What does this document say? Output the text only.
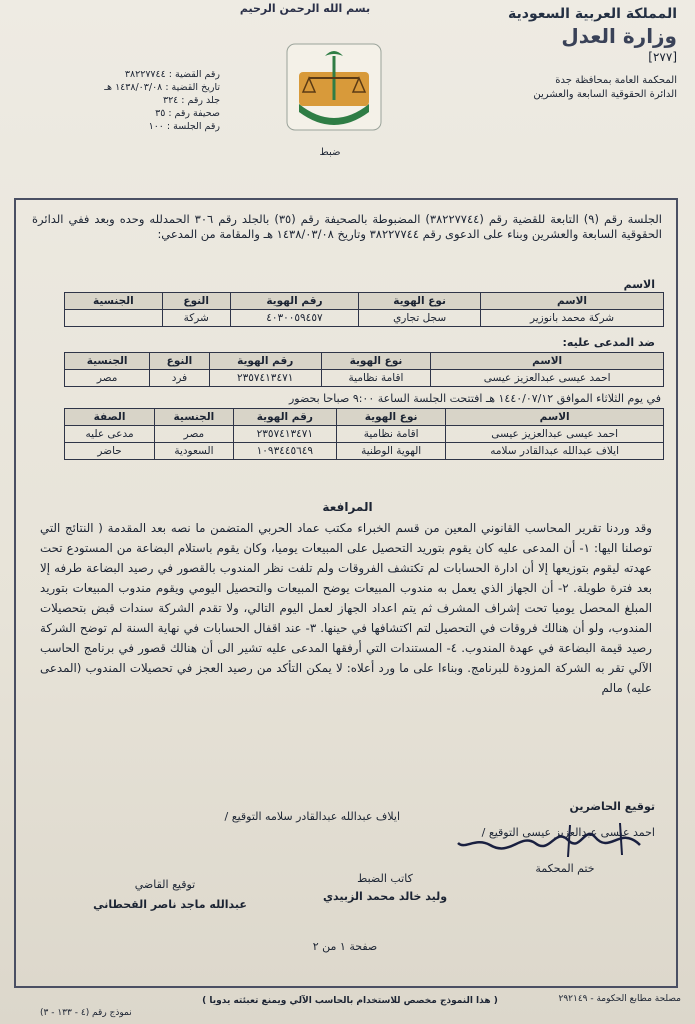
بسم الله الرحمن الرحيم	المملكة العربية السعودية
وزارة العدل
[٢٧٧]
المحكمة العامة بمحافظة جدة
الدائرة الحقوقية السابعة والعشرين
ضبط
رقم القضية : ٣٨٢٢٧٧٤٤
تاريخ القضية : ١٤٣٨/٠٣/٠٨ هـ
جلد رقم : ٣٢٤
صحيفة رقم : ٣٥
رقم الجلسة : ١٠٠
الجلسة رقم (٩) التابعة للقضية رقم (٣٨٢٢٧٧٤٤) المضبوطة بالصحيفة رقم (٣٥) بالجلد رقم ٣٠٦ الحمدلله وحده وبعد ففي الدائرة الحقوقية السابعة والعشرين وبناء على الدعوى رقم ٣٨٢٢٧٧٤٤ وتاريخ ١٤٣٨/٠٣/٠٨ هـ والمقامة من المدعي:
الاسم
الاسم	نوع الهوية	رقم الهوية	النوع	الجنسية
شركة محمد بانوزير	سجل تجاري	٤٠٣٠٠٥٩٤٥٧	شركة	
ضد المدعى عليه:
الاسم	نوع الهوية	رقم الهوية	النوع	الجنسية
احمد عيسى عبدالعزيز عيسى	اقامة نظامية	٢٣٥٧٤١٣٤٧١	فرد	مصر
في يوم الثلاثاء الموافق ١٤٤٠/٠٧/١٢ هـ افتتحت الجلسة الساعة ٩:٠٠ صباحا بحضور
الاسم	نوع الهوية	رقم الهوية	الجنسية	الصفة
احمد عيسى عبدالعزيز عيسى	اقامة نظامية	٢٣٥٧٤١٣٤٧١	مصر	مدعى عليه
ايلاف عبدالله عبدالقادر سلامه	الهوية الوطنية	١٠٩٣٤٤٥٦٤٩	السعودية	حاضر
المرافعة
وقد وردنا تقرير المحاسب القانوني المعين من قسم الخبراء مكتب عماد الحربي المتضمن ما نصه بعد المقدمة ( النتائج التي توصلنا اليها: ١- أن المدعى عليه كان يقوم بتوريد التحصيل على المبيعات يوميا، وكان يقوم باستلام البضاعة من المستودع تحت عهدته ليقوم بتوزيعها إلا أن ادارة الحسابات لم تكتشف الفروقات ولم تلفت نظر المندوب بالقصور في رصيد البضاعة طرفه إلا بعد فترة طويلة. ٢- أن الجهاز الذي يعمل به مندوب المبيعات يوضح المبيعات والتحصيل اليومي ويقوم مندوب المبيعات بتوريد المبلغ المحصل يوميا تحت إشراف المشرف ثم يتم اعداد الجهاز لعمل اليوم التالي، ولا تقدم الشركة سندات قبض بتحصيلات المندوب، ولو أن هنالك فروقات في التحصيل لتم اكتشافها في حينها. ٣- عند اقفال الحسابات في نهاية السنة لم توضح الشركة رصيد قيمة البضاعة في عهدة المندوب. ٤- المستندات التي أرفقها المدعى عليه تشير الى أن هنالك قصور في برنامج الحاسب الآلي تقر به الشركة المزودة للبرنامج. وبناءا على ما ورد أعلاه: لا يمكن التأكد من رصيد العجز في تحصيلات المندوب (المدعى عليه) مالم
توقيع الحاضرين
احمد عيسى عبدالعزيز عيسى التوقيع /
ايلاف عبدالله عبدالقادر سلامه التوقيع /
ختم المحكمة
كاتب الضبط
وليد خالد محمد الزبيدي
توقيع القاضي
عبدالله ماجد ناصر القحطاني
صفحة ١ من ٢
مصلحة مطابع الحكومة - ٢٩٢١٤٩
( هذا النموذج مخصص للاستخدام بالحاسب الآلي ويمنع تعبئته يدويا )
نموذج رقم (٤ - ١٣٣ - ٣)
